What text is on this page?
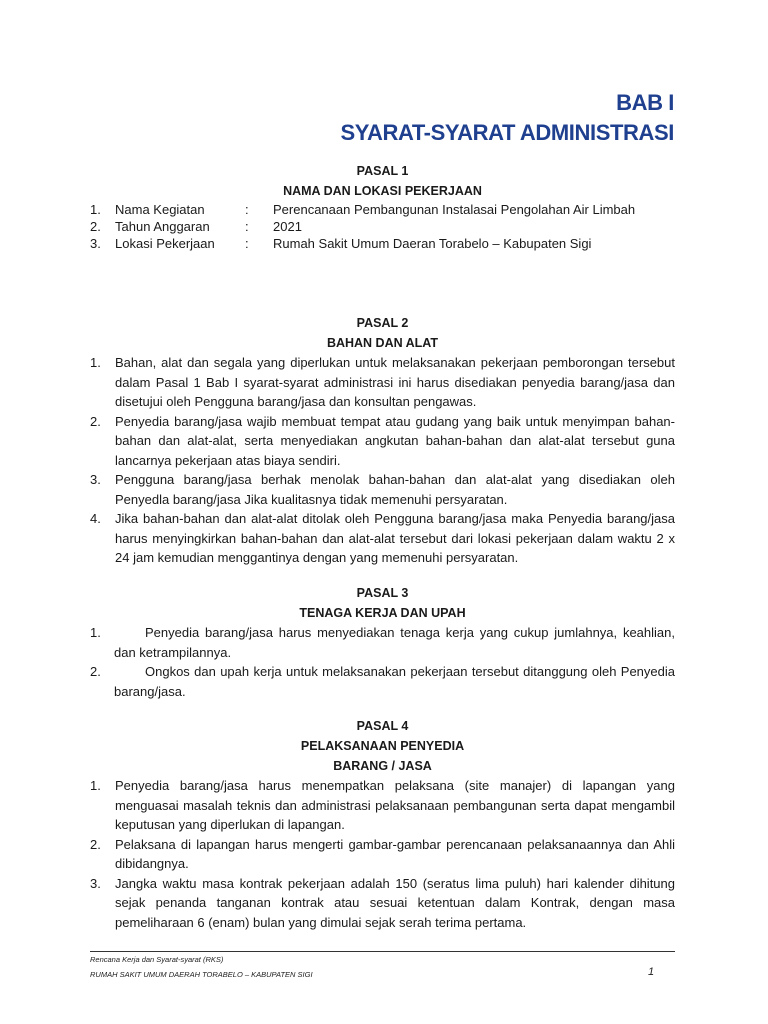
BAB I
SYARAT-SYARAT ADMINISTRASI
PASAL 1
NAMA DAN LOKASI PEKERJAAN
1.	Nama Kegiatan	:	Perencanaan Pembangunan Instalasai Pengolahan Air Limbah
2.	Tahun Anggaran	:	2021
3.	Lokasi Pekerjaan	:	Rumah Sakit Umum Daeran Torabelo – Kabupaten Sigi
PASAL 2
BAHAN DAN ALAT
1.	Bahan, alat dan segala yang diperlukan untuk melaksanakan pekerjaan pemborongan tersebut dalam Pasal 1 Bab I syarat-syarat administrasi ini harus disediakan penyedia barang/jasa dan disetujui oleh Pengguna barang/jasa dan konsultan pengawas.
2.	Penyedia barang/jasa wajib membuat tempat atau gudang yang baik untuk menyimpan bahan-bahan dan alat-alat, serta menyediakan angkutan bahan-bahan dan alat-alat tersebut guna lancarnya pekerjaan atas biaya sendiri.
3.	Pengguna barang/jasa berhak menolak bahan-bahan dan alat-alat yang disediakan oleh Penyedla barang/jasa Jika kualitasnya tidak memenuhi persyaratan.
4.	Jika bahan-bahan dan alat-alat ditolak oleh Pengguna barang/jasa maka Penyedia barang/jasa harus menyingkirkan bahan-bahan dan alat-alat tersebut dari lokasi pekerjaan dalam waktu 2 x 24 jam kemudian menggantinya dengan yang memenuhi persyaratan.
PASAL 3
TENAGA KERJA DAN UPAH
1.	Penyedia barang/jasa harus menyediakan tenaga kerja yang cukup jumlahnya, keahlian, dan ketrampilannya.
2.	Ongkos dan upah kerja untuk melaksanakan pekerjaan tersebut ditanggung oleh Penyedia barang/jasa.
PASAL 4
PELAKSANAAN PENYEDIA
BARANG / JASA
1.	Penyedia barang/jasa harus menempatkan pelaksana (site manajer) di lapangan yang menguasai masalah teknis dan administrasi pelaksanaan pembangunan serta dapat mengambil keputusan yang diperlukan di lapangan.
2.	Pelaksana di lapangan harus mengerti gambar-gambar perencanaan pelaksanaannya dan Ahli dibidangnya.
3.	Jangka waktu masa kontrak pekerjaan adalah 150 (seratus lima puluh) hari kalender dihitung sejak penanda tanganan kontrak atau sesuai ketentuan dalam Kontrak, dengan masa pemeliharaan 6 (enam) bulan yang dimulai sejak serah terima pertama.
Rencana Kerja dan Syarat-syarat (RKS)
RUMAH SAKIT UMUM DAERAH TORABELO – KABUPATEN SIGI	1
